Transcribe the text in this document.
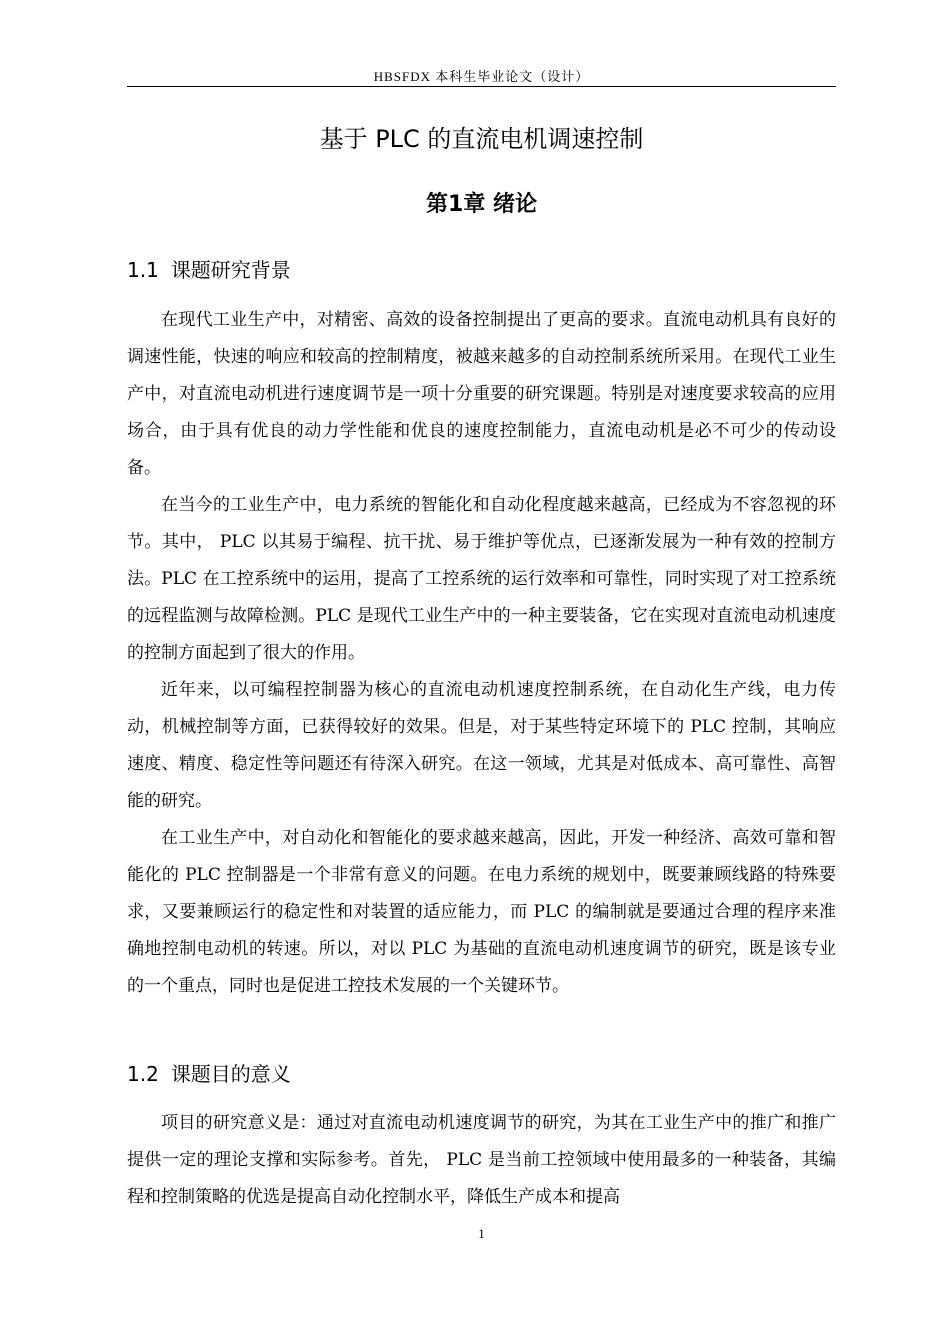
HBSFDX 本科生毕业论文（设计）
基于 PLC 的直流电机调速控制
第1章 绪论
1.1 课题研究背景

在现代工业生产中，对精密、高效的设备控制提出了更高的要求。直流电动机具有良好的调速性能，快速的响应和较高的控制精度，被越来越多的自动控制系统所采用。在现代工业生产中，对直流电动机进行速度调节是一项十分重要的研究课题。特别是对速度要求较高的应用场合，由于具有优良的动力学性能和优良的速度控制能力，直流电动机是必不可少的传动设备。

在当今的工业生产中，电力系统的智能化和自动化程度越来越高，已经成为不容忽视的环节。其中， PLC 以其易于编程、抗干扰、易于维护等优点，已逐渐发展为一种有效的控制方法。PLC 在工控系统中的运用，提高了工控系统的运行效率和可靠性，同时实现了对工控系统的远程监测与故障检测。PLC 是现代工业生产中的一种主要装备，它在实现对直流电动机速度的控制方面起到了很大的作用。

近年来，以可编程控制器为核心的直流电动机速度控制系统，在自动化生产线，电力传动，机械控制等方面，已获得较好的效果。但是，对于某些特定环境下的 PLC 控制，其响应速度、精度、稳定性等问题还有待深入研究。在这一领域，尤其是对低成本、高可靠性、高智能的研究。

在工业生产中，对自动化和智能化的要求越来越高，因此，开发一种经济、高效可靠和智能化的 PLC 控制器是一个非常有意义的问题。在电力系统的规划中，既要兼顾线路的特殊要求，又要兼顾运行的稳定性和对装置的适应能力，而 PLC 的编制就是要通过合理的程序来准确地控制电动机的转速。所以，对以 PLC 为基础的直流电动机速度调节的研究，既是该专业的一个重点，同时也是促进工控技术发展的一个关键环节。

1.2 课题目的意义

项目的研究意义是：通过对直流电动机速度调节的研究，为其在工业生产中的推广和推广提供一定的理论支撑和实际参考。首先， PLC 是当前工控领域中使用最多的一种装备，其编程和控制策略的优选是提高自动化控制水平，降低生产成本和提高

1
